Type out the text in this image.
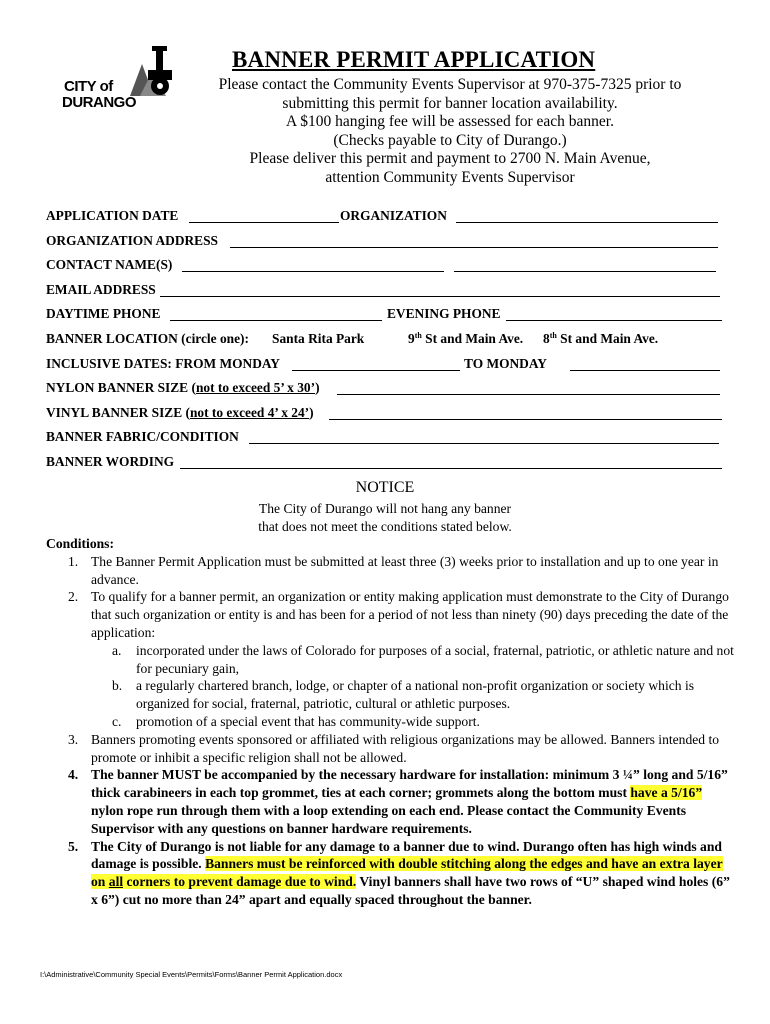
CITY of
DURANGO
BANNER PERMIT APPLICATION
Please contact the Community Events Supervisor at 970-375-7325 prior to
submitting this permit for banner location availability.
A $100 hanging fee will be assessed for each banner.
(Checks payable to City of Durango.)
Please deliver this permit and payment to 2700 N. Main Avenue,
attention Community Events Supervisor
APPLICATION DATE	ORGANIZATION
ORGANIZATION ADDRESS
CONTACT NAME(S)
EMAIL ADDRESS
DAYTIME PHONE	EVENING PHONE
BANNER LOCATION (circle one): Santa Rita Park	9th St and Main Ave. 8th St and Main Ave.
INCLUSIVE DATES: FROM MONDAY	TO MONDAY
NYLON BANNER SIZE (not to exceed 5’ x 30’)
VINYL BANNER SIZE (not to exceed 4’ x 24’)
BANNER FABRIC/CONDITION
BANNER WORDING
NOTICE
The City of Durango will not hang any banner
that does not meet the conditions stated below.
Conditions:
1. The Banner Permit Application must be submitted at least three (3) weeks prior to installation and up to one year in advance.
2. To qualify for a banner permit, an organization or entity making application must demonstrate to the City of Durango that such organization or entity is and has been for a period of not less than ninety (90) days preceding the date of the application:
a. incorporated under the laws of Colorado for purposes of a social, fraternal, patriotic, or athletic nature and not for pecuniary gain,
b. a regularly chartered branch, lodge, or chapter of a national non-profit organization or society which is organized for social, fraternal, patriotic, cultural or athletic purposes.
c. promotion of a special event that has community-wide support.
3. Banners promoting events sponsored or affiliated with religious organizations may be allowed. Banners intended to promote or inhibit a specific religion shall not be allowed.
4. The banner MUST be accompanied by the necessary hardware for installation: minimum 3 ¼” long and 5/16” thick carabineers in each top grommet, ties at each corner; grommets along the bottom must have a 5/16” nylon rope run through them with a loop extending on each end. Please contact the Community Events Supervisor with any questions on banner hardware requirements.
5. The City of Durango is not liable for any damage to a banner due to wind. Durango often has high winds and damage is possible. Banners must be reinforced with double stitching along the edges and have an extra layer on all corners to prevent damage due to wind. Vinyl banners shall have two rows of “U” shaped wind holes (6” x 6”) cut no more than 24” apart and equally spaced throughout the banner.
I:\Administrative\Community Special Events\Permits\Forms\Banner Permit Application.docx
